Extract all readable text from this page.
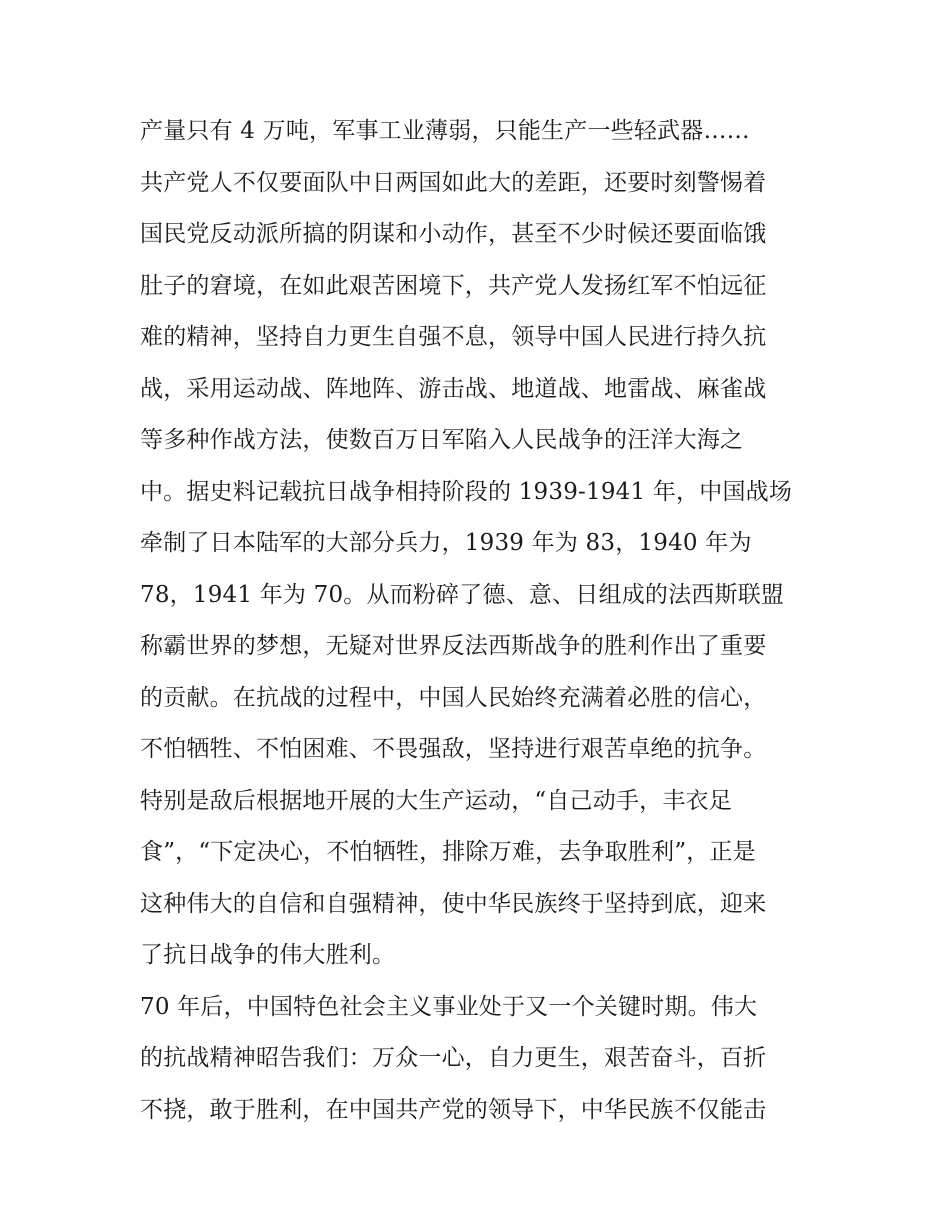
产量只有 4 万吨，军事工业薄弱，只能生产一些轻武器……
共产党人不仅要面队中日两国如此大的差距，还要时刻警惕着
国民党反动派所搞的阴谋和小动作，甚至不少时候还要面临饿
肚子的窘境，在如此艰苦困境下，共产党人发扬红军不怕远征
难的精神，坚持自力更生自强不息，领导中国人民进行持久抗
战，采用运动战、阵地阵、游击战、地道战、地雷战、麻雀战
等多种作战方法，使数百万日军陷入人民战争的汪洋大海之
中。据史料记载抗日战争相持阶段的 1939-1941 年，中国战场
牵制了日本陆军的大部分兵力，1939 年为 83，1940 年为
78，1941 年为 70。从而粉碎了德、意、日组成的法西斯联盟
称霸世界的梦想，无疑对世界反法西斯战争的胜利作出了重要
的贡献。在抗战的过程中，中国人民始终充满着必胜的信心，
不怕牺牲、不怕困难、不畏强敌，坚持进行艰苦卓绝的抗争。
特别是敌后根据地开展的大生产运动，“自己动手，丰衣足
食”，“下定决心，不怕牺牲，排除万难，去争取胜利”，正是
这种伟大的自信和自强精神，使中华民族终于坚持到底，迎来
了抗日战争的伟大胜利。
70 年后，中国特色社会主义事业处于又一个关键时期。伟大
的抗战精神昭告我们：万众一心，自力更生，艰苦奋斗，百折
不挠，敢于胜利，在中国共产党的领导下，中华民族不仅能击
